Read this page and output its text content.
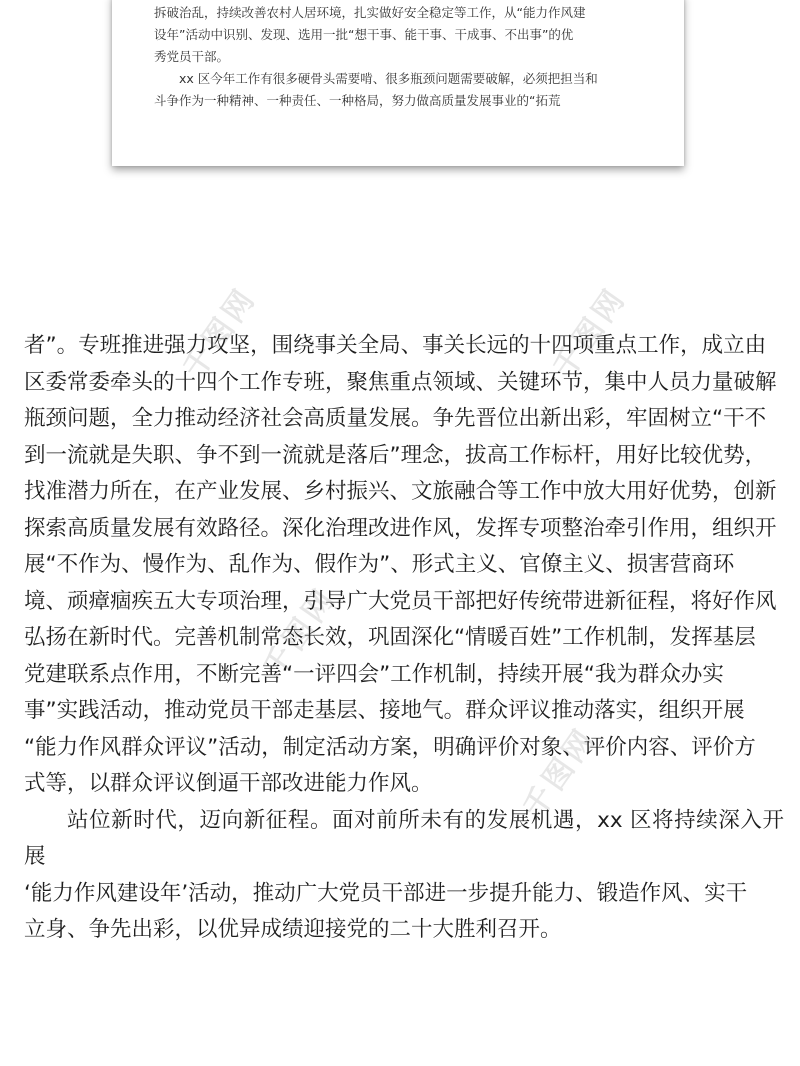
拆破治乱，持续改善农村人居环境，扎实做好安全稳定等工作，从“能力作风建
设年”活动中识别、发现、选用一批“想干事、能干事、干成事、不出事”的优
秀党员干部。

xx 区今年工作有很多硬骨头需要啃、很多瓶颈问题需要破解，必须把担当和
斗争作为一种精神、一种责任、一种格局，努力做高质量发展事业的“拓荒

千图网	千图网
千图网
千图网

者”。专班推进强力攻坚，围绕事关全局、事关长远的十四项重点工作，成立由
区委常委牵头的十四个工作专班，聚焦重点领域、关键环节，集中人员力量破解
瓶颈问题，全力推动经济社会高质量发展。争先晋位出新出彩，牢固树立“干不
到一流就是失职、争不到一流就是落后”理念，拔高工作标杆，用好比较优势，
找准潜力所在，在产业发展、乡村振兴、文旅融合等工作中放大用好优势，创新
探索高质量发展有效路径。深化治理改进作风，发挥专项整治牵引作用，组织开
展“不作为、慢作为、乱作为、假作为”、形式主义、官僚主义、损害营商环
境、顽瘴痼疾五大专项治理，引导广大党员干部把好传统带进新征程，将好作风
弘扬在新时代。完善机制常态长效，巩固深化“情暖百姓”工作机制，发挥基层
党建联系点作用，不断完善“一评四会”工作机制，持续开展“我为群众办实
事”实践活动，推动党员干部走基层、接地气。群众评议推动落实，组织开展
“能力作风群众评议”活动，制定活动方案，明确评价对象、评价内容、评价方
式等，以群众评议倒逼干部改进能力作风。

站位新时代，迈向新征程。面对前所未有的发展机遇，xx 区将持续深入开展
‘能力作风建设年’活动，推动广大党员干部进一步提升能力、锻造作风、实干
立身、争先出彩，以优异成绩迎接党的二十大胜利召开。
